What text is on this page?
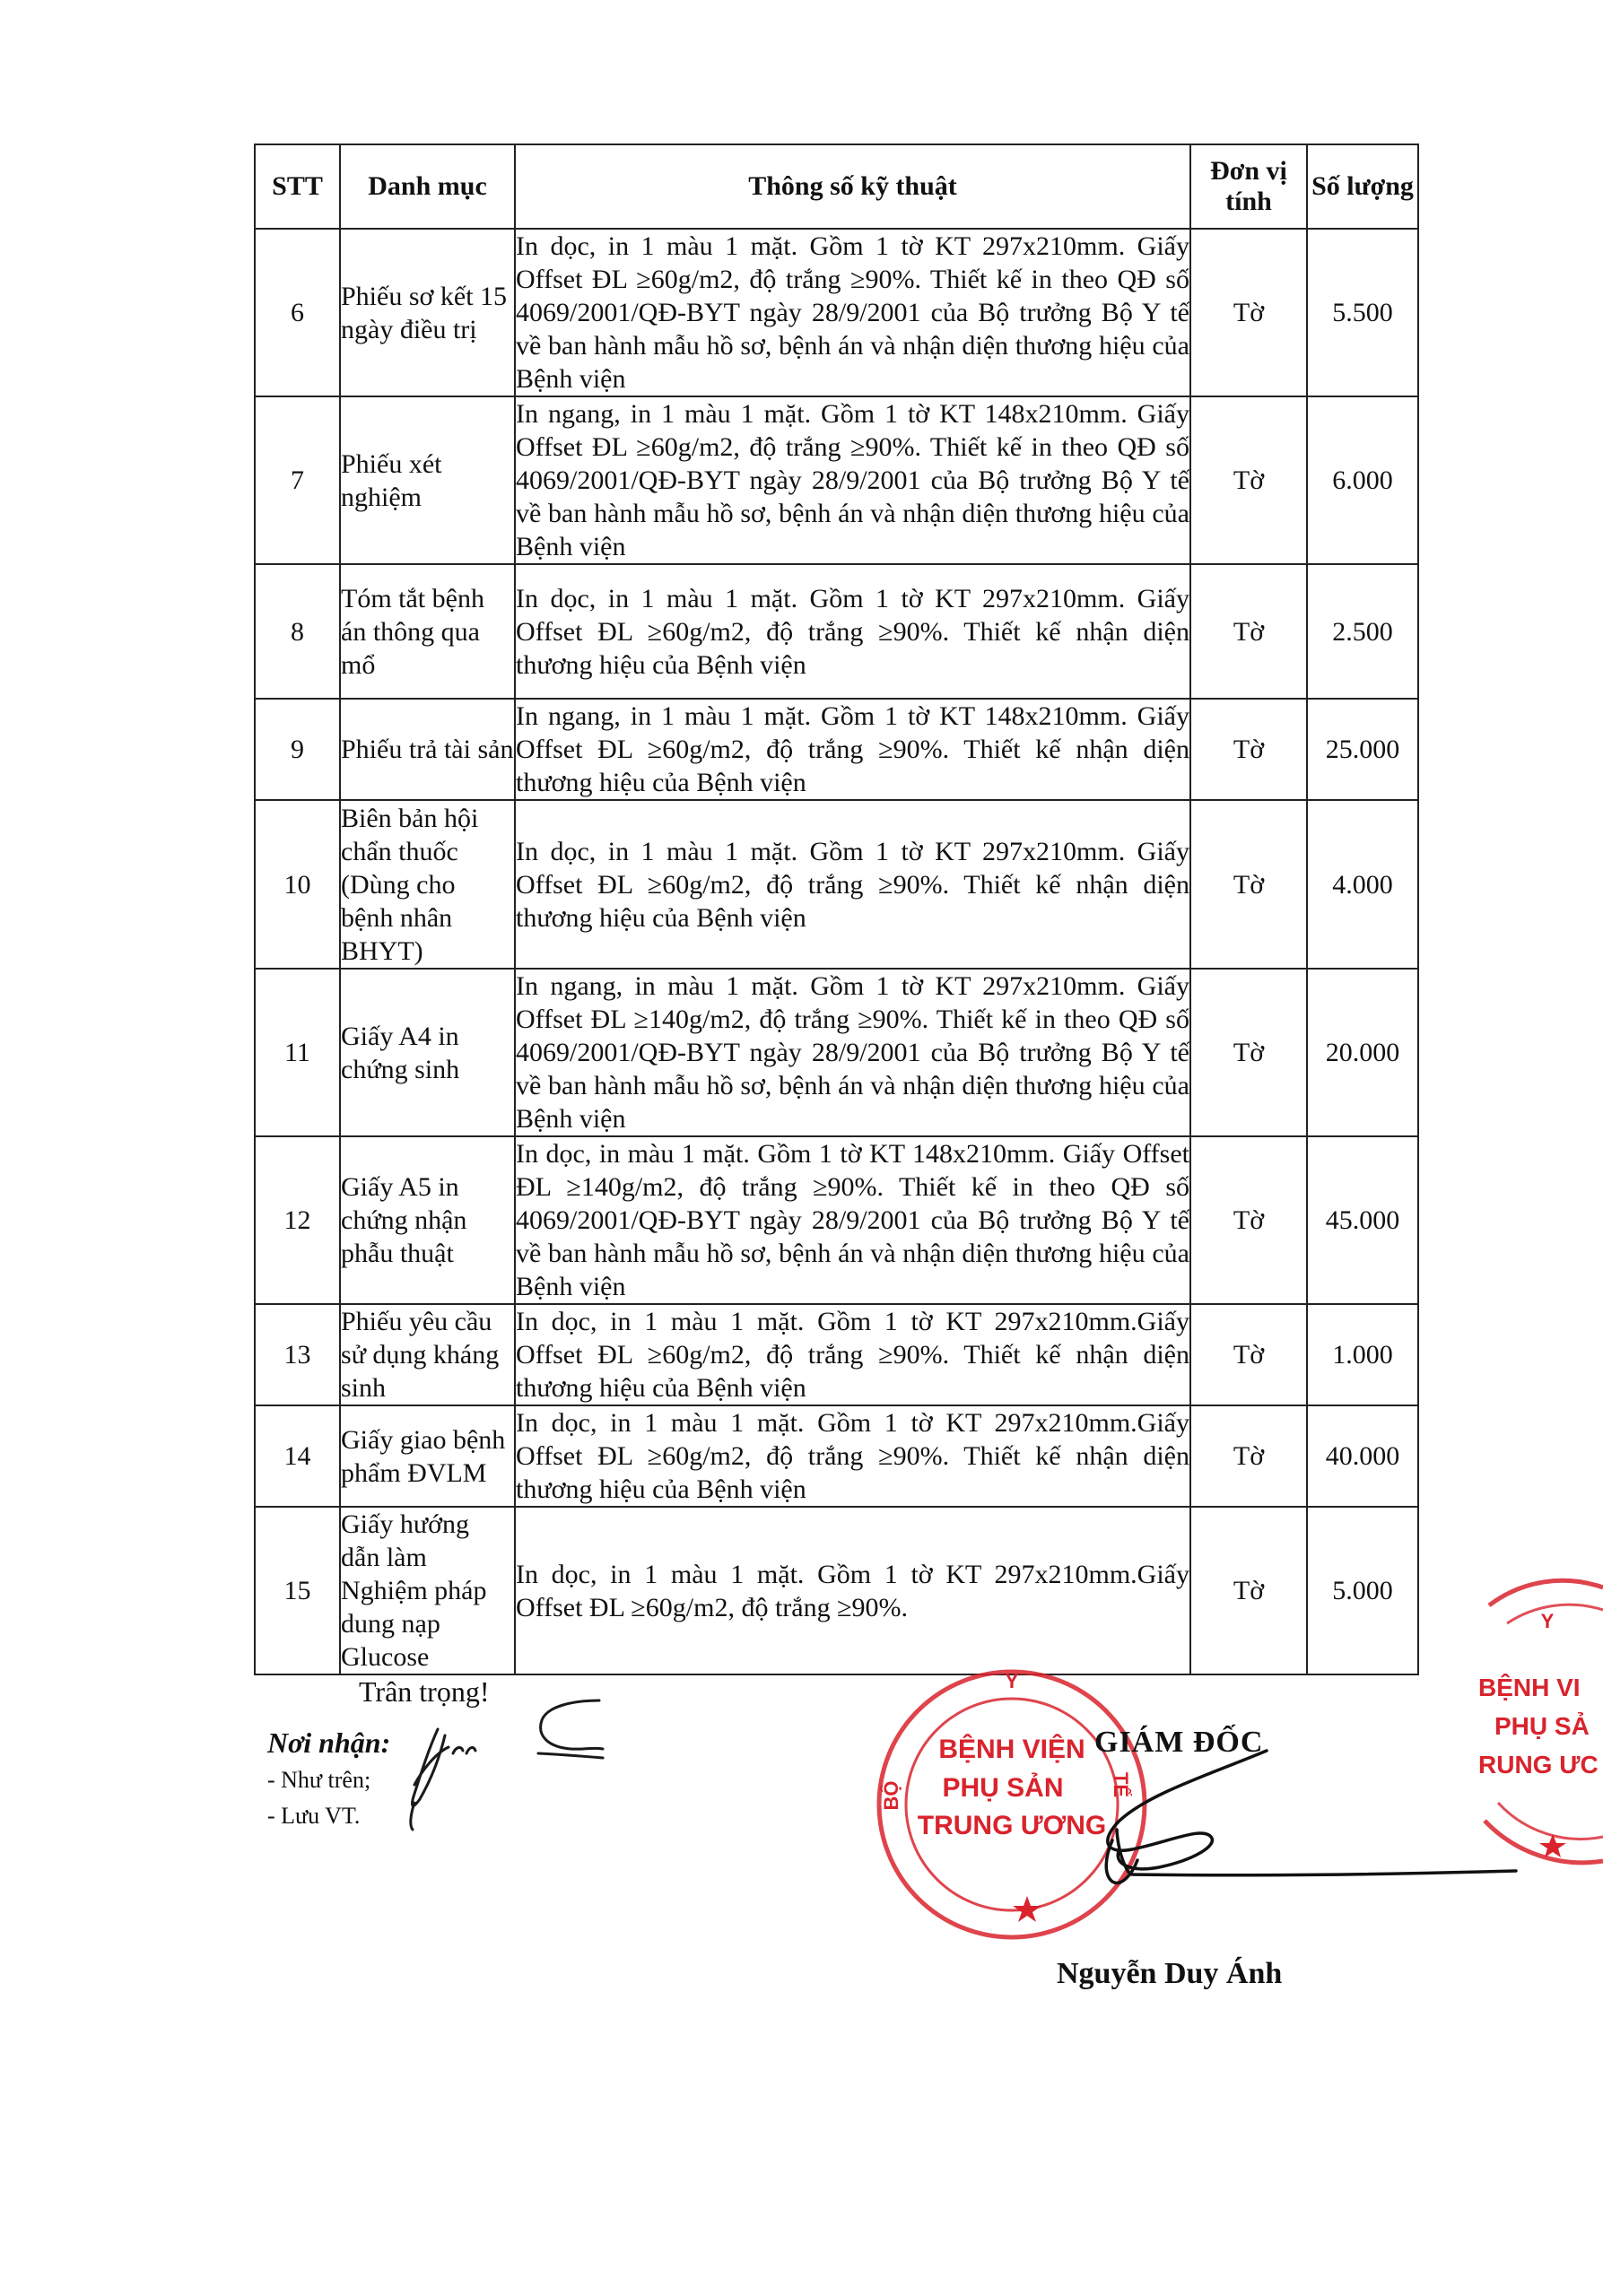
STT	Danh mục	Thông số kỹ thuật	Đơn vị tính	Số lượng
6	Phiếu sơ kết 15 ngày điều trị	In dọc, in 1 màu 1 mặt. Gồm 1 tờ KT 297x210mm. Giấy Offset ĐL ≥60g/m2, độ trắng ≥90%. Thiết kế in theo QĐ số 4069/2001/QĐ-BYT ngày 28/9/2001 của Bộ trưởng Bộ Y tế về ban hành mẫu hồ sơ, bệnh án và nhận diện thương hiệu của Bệnh viện	Tờ	5.500
7	Phiếu xét nghiệm	In ngang, in 1 màu 1 mặt. Gồm 1 tờ KT 148x210mm. Giấy Offset ĐL ≥60g/m2, độ trắng ≥90%. Thiết kế in theo QĐ số 4069/2001/QĐ-BYT ngày 28/9/2001 của Bộ trưởng Bộ Y tế về ban hành mẫu hồ sơ, bệnh án và nhận diện thương hiệu của Bệnh viện	Tờ	6.000
8	Tóm tắt bệnh án thông qua mổ	In dọc, in 1 màu 1 mặt. Gồm 1 tờ KT 297x210mm. Giấy Offset ĐL ≥60g/m2, độ trắng ≥90%. Thiết kế nhận diện thương hiệu của Bệnh viện	Tờ	2.500
9	Phiếu trả tài sản	In ngang, in 1 màu 1 mặt. Gồm 1 tờ KT 148x210mm. Giấy Offset ĐL ≥60g/m2, độ trắng ≥90%. Thiết kế nhận diện thương hiệu của Bệnh viện	Tờ	25.000
10	Biên bản hội chẩn thuốc (Dùng cho bệnh nhân BHYT)	In dọc, in 1 màu 1 mặt. Gồm 1 tờ KT 297x210mm. Giấy Offset ĐL ≥60g/m2, độ trắng ≥90%. Thiết kế nhận diện thương hiệu của Bệnh viện	Tờ	4.000
11	Giấy A4 in chứng sinh	In ngang, in màu 1 mặt. Gồm 1 tờ KT 297x210mm. Giấy Offset ĐL ≥140g/m2, độ trắng ≥90%. Thiết kế in theo QĐ số 4069/2001/QĐ-BYT ngày 28/9/2001 của Bộ trưởng Bộ Y tế về ban hành mẫu hồ sơ, bệnh án và nhận diện thương hiệu của Bệnh viện	Tờ	20.000
12	Giấy A5 in chứng nhận phẫu thuật	In dọc, in màu 1 mặt. Gồm 1 tờ KT 148x210mm. Giấy Offset ĐL ≥140g/m2, độ trắng ≥90%. Thiết kế in theo QĐ số 4069/2001/QĐ-BYT ngày 28/9/2001 của Bộ trưởng Bộ Y tế về ban hành mẫu hồ sơ, bệnh án và nhận diện thương hiệu của Bệnh viện	Tờ	45.000
13	Phiếu yêu cầu sử dụng kháng sinh	In dọc, in 1 màu 1 mặt. Gồm 1 tờ KT 297x210mm.Giấy Offset ĐL ≥60g/m2, độ trắng ≥90%. Thiết kế nhận diện thương hiệu của Bệnh viện	Tờ	1.000
14	Giấy giao bệnh phẩm ĐVLM	In dọc, in 1 màu 1 mặt. Gồm 1 tờ KT 297x210mm.Giấy Offset ĐL ≥60g/m2, độ trắng ≥90%. Thiết kế nhận diện thương hiệu của Bệnh viện	Tờ	40.000
15	Giấy hướng dẫn làm Nghiệm pháp dung nạp Glucose	In dọc, in 1 màu 1 mặt. Gồm 1 tờ KT 297x210mm.Giấy Offset ĐL ≥60g/m2, độ trắng ≥90%.	Tờ	5.000
Trân trọng!
Nơi nhận:
- Như trên;
- Lưu VT.
Y
BỘ	TẾ
BỆNH VIỆN
PHỤ SẢN
TRUNG ƯƠNG
Y
BỆNH VI
PHỤ SẢ
RUNG ƯC
GIÁM ĐỐC
Nguyễn Duy Ánh
